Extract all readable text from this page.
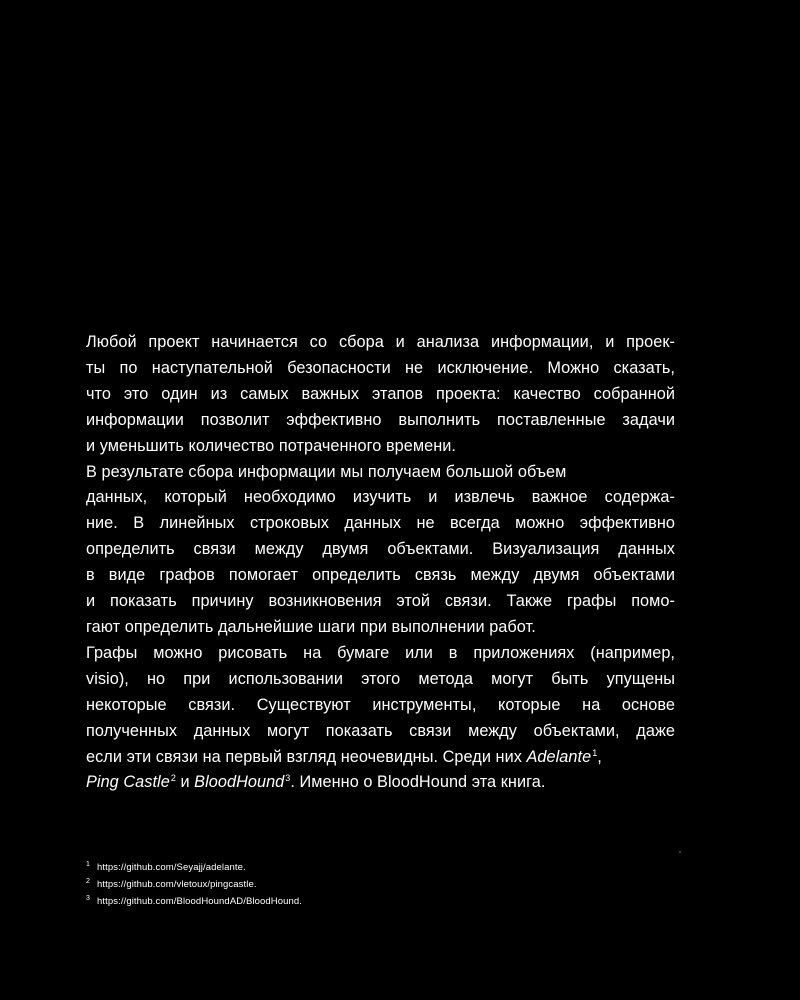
Любой проект начинается со сбора и анализа информации, и проек-
ты по наступательной безопасности не исключение. Можно сказать,
что это один из самых важных этапов проекта: качество собранной
информации позволит эффективно выполнить поставленные задачи
и уменьшить количество потраченного времени.
В результате сбора информации мы получаем большой объем
данных, который необходимо изучить и извлечь важное содержа-
ние. В линейных строковых данных не всегда можно эффективно
определить связи между двумя объектами. Визуализация данных
в виде графов помогает определить связь между двумя объектами
и показать причину возникновения этой связи. Также графы помо-
гают определить дальнейшие шаги при выполнении работ.
Графы можно рисовать на бумаге или в приложениях (например,
visio), но при использовании этого метода могут быть упущены
некоторые связи. Существуют инструменты, которые на основе
полученных данных могут показать связи между объектами, даже
если эти связи на первый взгляд неочевидны. Среди них Adelante$^1$,
Ping Castle$^2$ и BloodHound$^3$. Именно о BloodHound эта книга.
1 https://github.com/Seyajj/adelante.
2 https://github.com/vletoux/pingcastle.
3 https://github.com/BloodHoundAD/BloodHound.
